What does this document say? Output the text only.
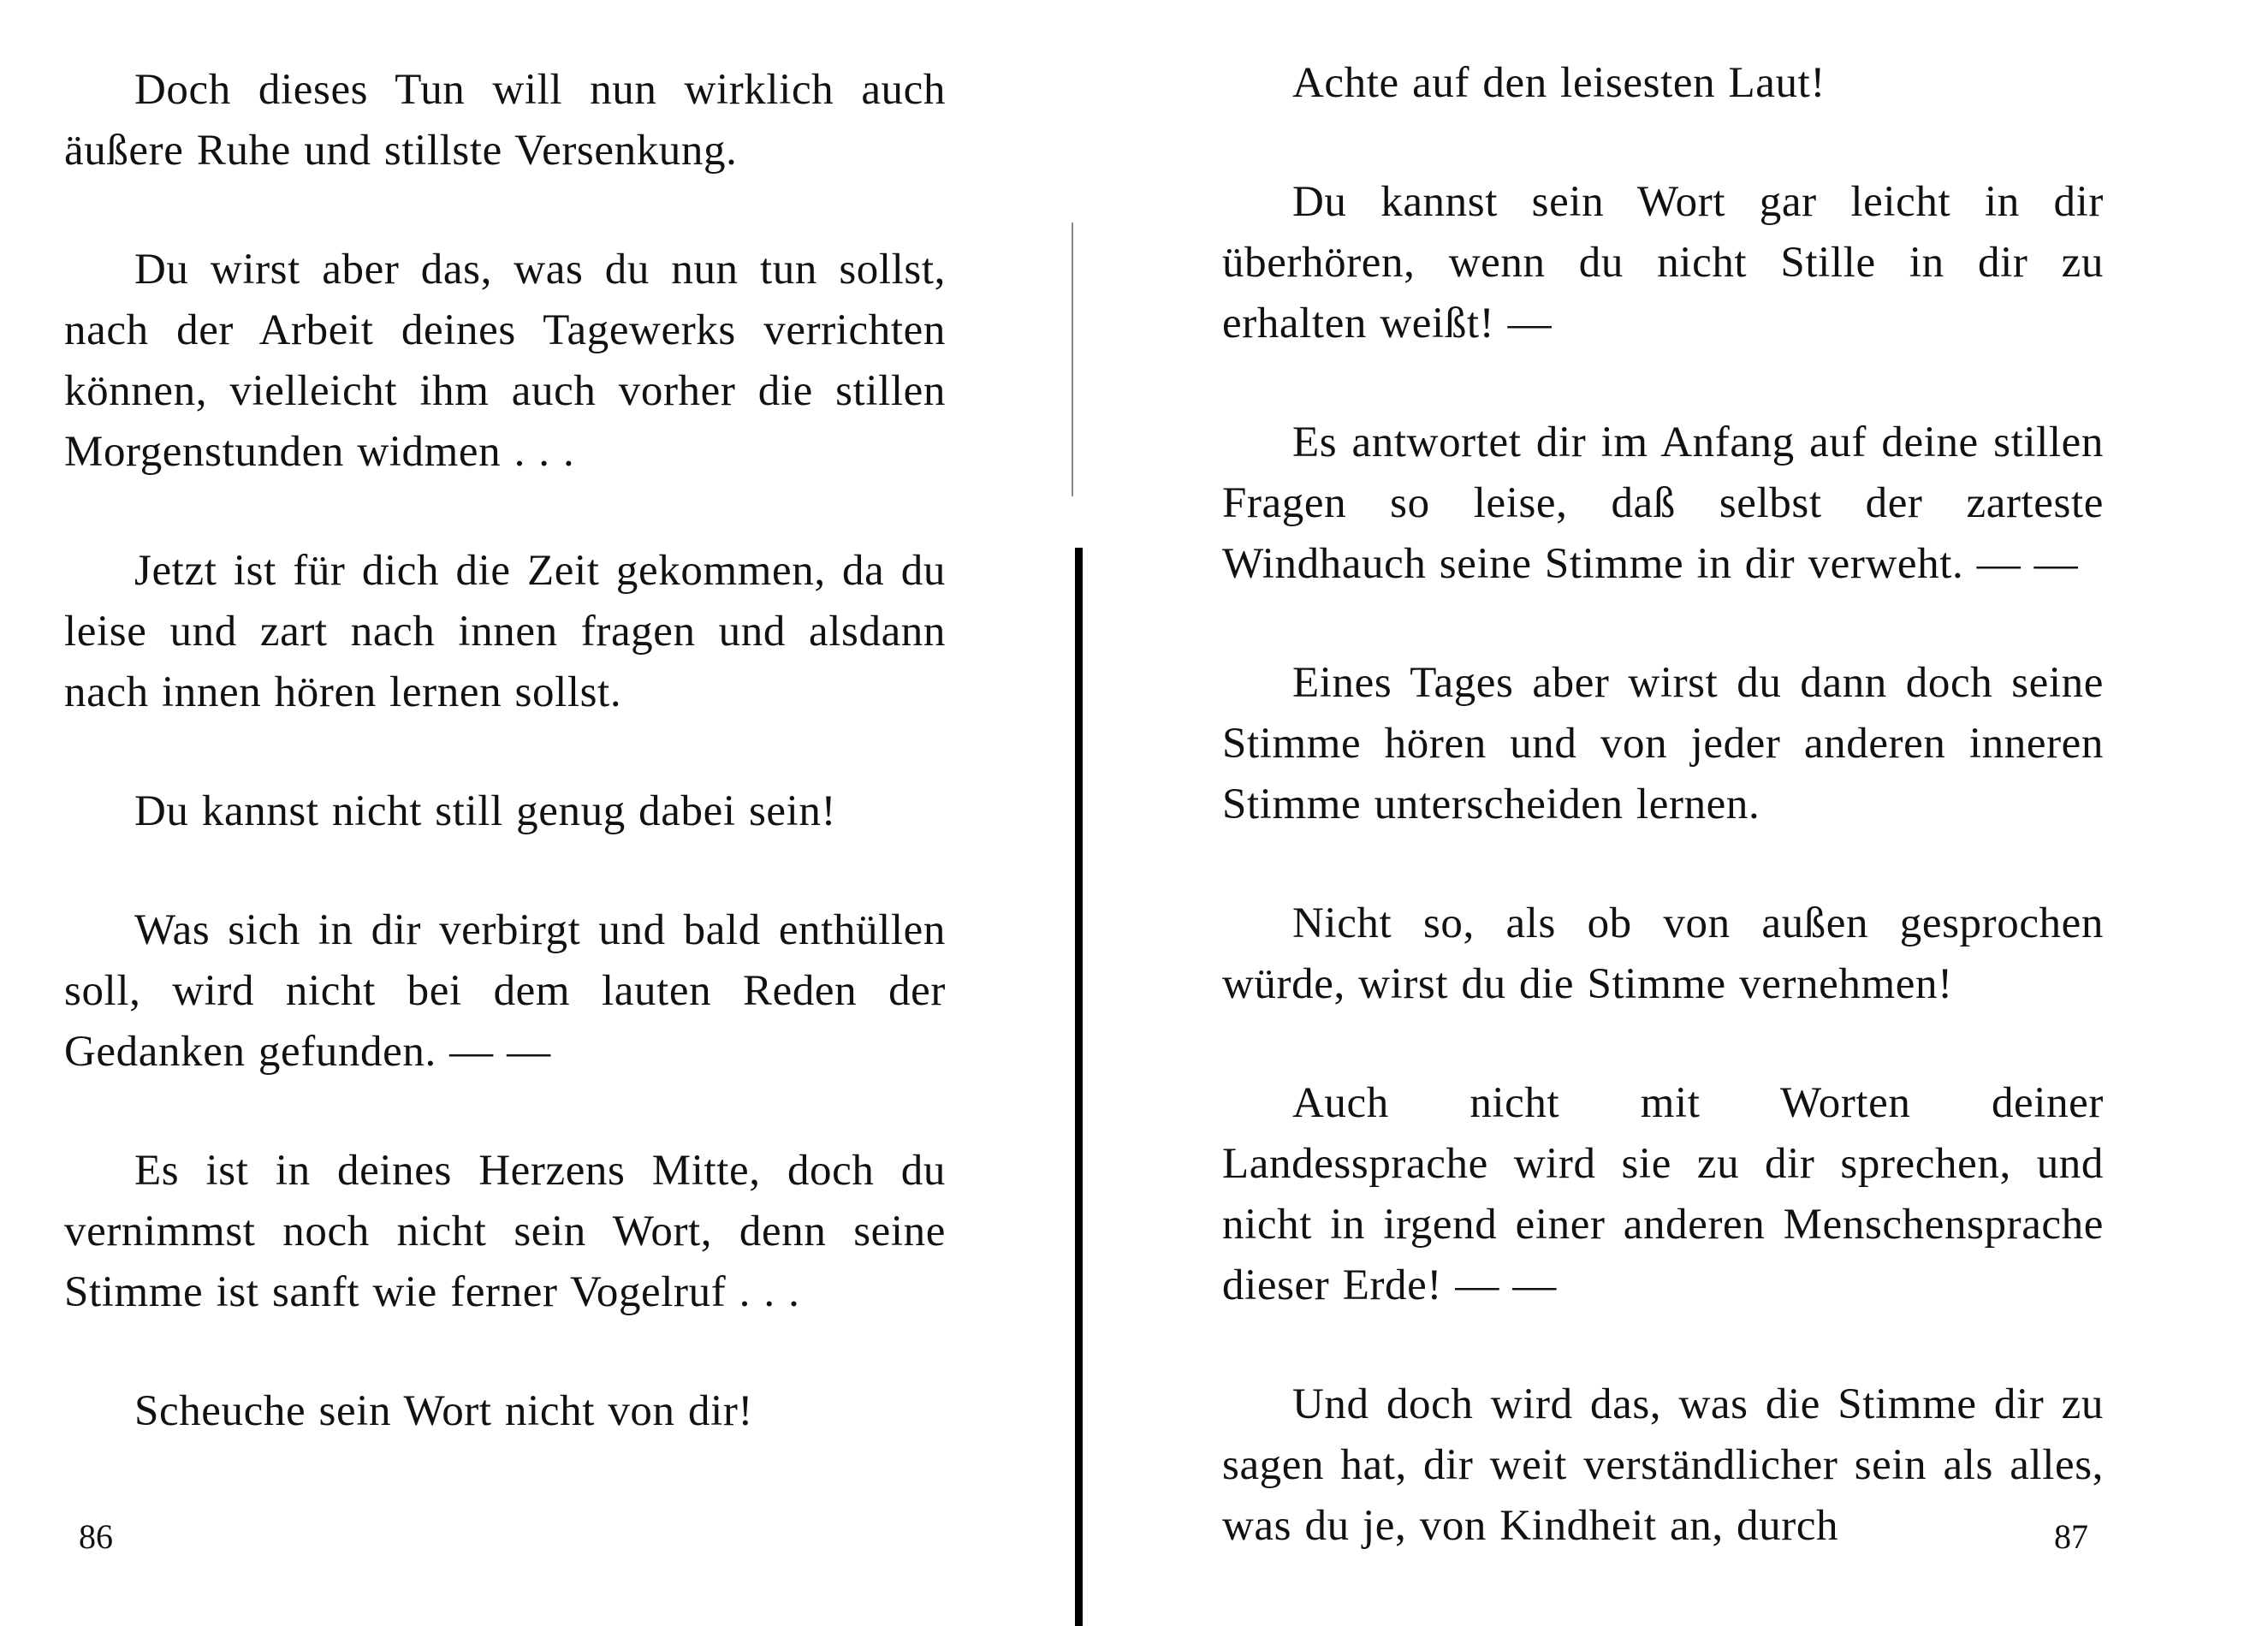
Doch dieses Tun will nun wirklich auch äußere Ruhe und stillste Versenkung.

Du wirst aber das, was du nun tun sollst, nach der Arbeit deines Tagewerks verrichten können, vielleicht ihm auch vorher die stillen Morgenstunden widmen . . .

Jetzt ist für dich die Zeit gekommen, da du leise und zart nach innen fragen und alsdann nach innen hören lernen sollst.

Du kannst nicht still genug dabei sein!

Was sich in dir verbirgt und bald enthüllen soll, wird nicht bei dem lauten Reden der Gedanken gefunden. — —

Es ist in deines Herzens Mitte, doch du vernimmst noch nicht sein Wort, denn seine Stimme ist sanft wie ferner Vogelruf . . .

Scheuche sein Wort nicht von dir!

86

Achte auf den leisesten Laut!

Du kannst sein Wort gar leicht in dir überhören, wenn du nicht Stille in dir zu erhalten weißt! —

Es antwortet dir im Anfang auf deine stillen Fragen so leise, daß selbst der zarteste Windhauch seine Stimme in dir verweht. — —

Eines Tages aber wirst du dann doch seine Stimme hören und von jeder anderen inneren Stimme unterscheiden lernen.

Nicht so, als ob von außen gesprochen würde, wirst du die Stimme vernehmen!

Auch nicht mit Worten deiner Landessprache wird sie zu dir sprechen, und nicht in irgend einer anderen Menschensprache dieser Erde! — —

Und doch wird das, was die Stimme dir zu sagen hat, dir weit verständlicher sein als alles, was du je, von Kindheit an, durch	87
